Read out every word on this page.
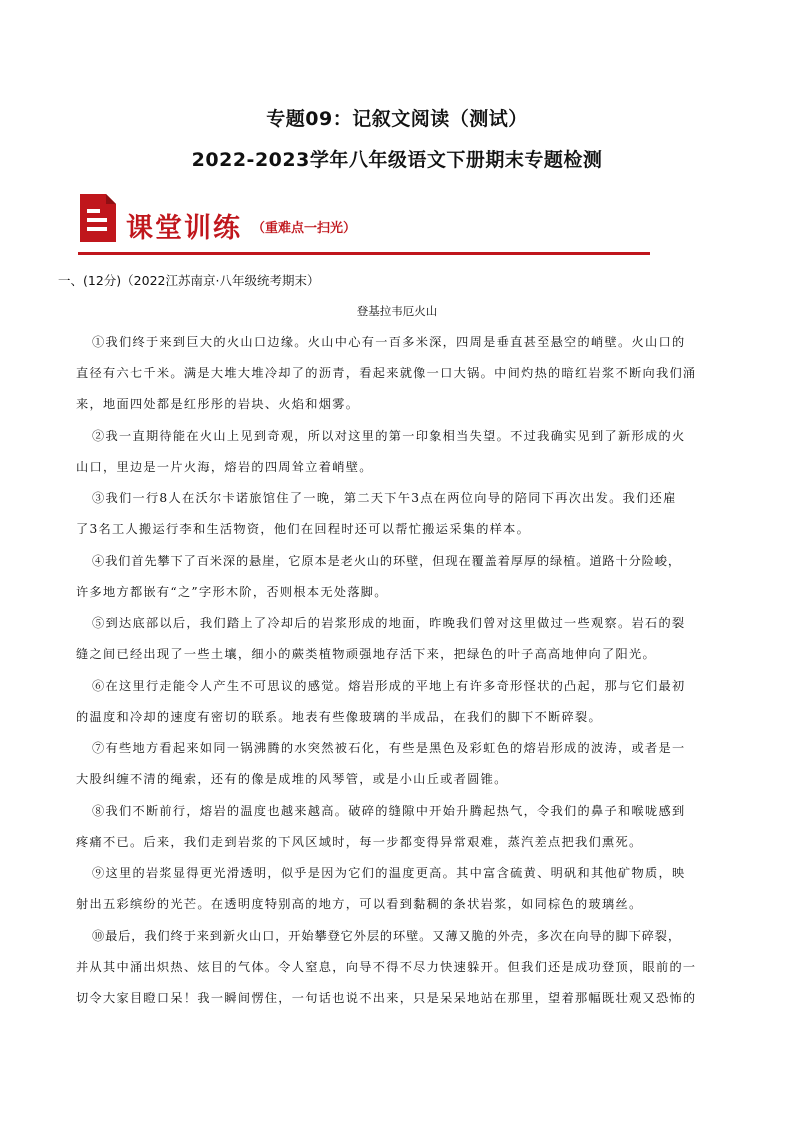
专题09：记叙文阅读（测试）
2022-2023学年八年级语文下册期末专题检测
课堂训练 （重难点一扫光）
一、(12分)（2022江苏南京·八年级统考期末）
登基拉韦厄火山
①我们终于来到巨大的火山口边缘。火山中心有一百多米深，四周是垂直甚至悬空的峭壁。火山口的
直径有六七千米。满是大堆大堆冷却了的沥青，看起来就像一口大锅。中间灼热的暗红岩浆不断向我们涌
来，地面四处都是红彤彤的岩块、火焰和烟雾。
②我一直期待能在火山上见到奇观，所以对这里的第一印象相当失望。不过我确实见到了新形成的火
山口，里边是一片火海，熔岩的四周耸立着峭壁。
③我们一行8人在沃尔卡诺旅馆住了一晚，第二天下午3点在两位向导的陪同下再次出发。我们还雇
了3名工人搬运行李和生活物资，他们在回程时还可以帮忙搬运采集的样本。
④我们首先攀下了百米深的悬崖，它原本是老火山的环壁，但现在覆盖着厚厚的绿植。道路十分险峻，
许多地方都嵌有“之”字形木阶，否则根本无处落脚。
⑤到达底部以后，我们踏上了冷却后的岩浆形成的地面，昨晚我们曾对这里做过一些观察。岩石的裂
缝之间已经出现了一些土壤，细小的蕨类植物顽强地存活下来，把绿色的叶子高高地伸向了阳光。
⑥在这里行走能令人产生不可思议的感觉。熔岩形成的平地上有许多奇形怪状的凸起，那与它们最初
的温度和冷却的速度有密切的联系。地表有些像玻璃的半成品，在我们的脚下不断碎裂。
⑦有些地方看起来如同一锅沸腾的水突然被石化，有些是黑色及彩虹色的熔岩形成的波涛，或者是一
大股纠缠不清的绳索，还有的像是成堆的风琴管，或是小山丘或者圆锥。
⑧我们不断前行，熔岩的温度也越来越高。破碎的缝隙中开始升腾起热气，令我们的鼻子和喉咙感到
疼痛不已。后来，我们走到岩浆的下风区域时，每一步都变得异常艰难，蒸汽差点把我们熏死。
⑨这里的岩浆显得更光滑透明，似乎是因为它们的温度更高。其中富含硫黄、明矾和其他矿物质，映
射出五彩缤纷的光芒。在透明度特别高的地方，可以看到黏稠的条状岩浆，如同棕色的玻璃丝。
⑩最后，我们终于来到新火山口，开始攀登它外层的环壁。又薄又脆的外壳，多次在向导的脚下碎裂，
并从其中涌出炽热、炫目的气体。令人窒息，向导不得不尽力快速躲开。但我们还是成功登顶，眼前的一
切令大家目瞪口呆！我一瞬间愣住，一句话也说不出来，只是呆呆地站在那里，望着那幅既壮观又恐怖的
